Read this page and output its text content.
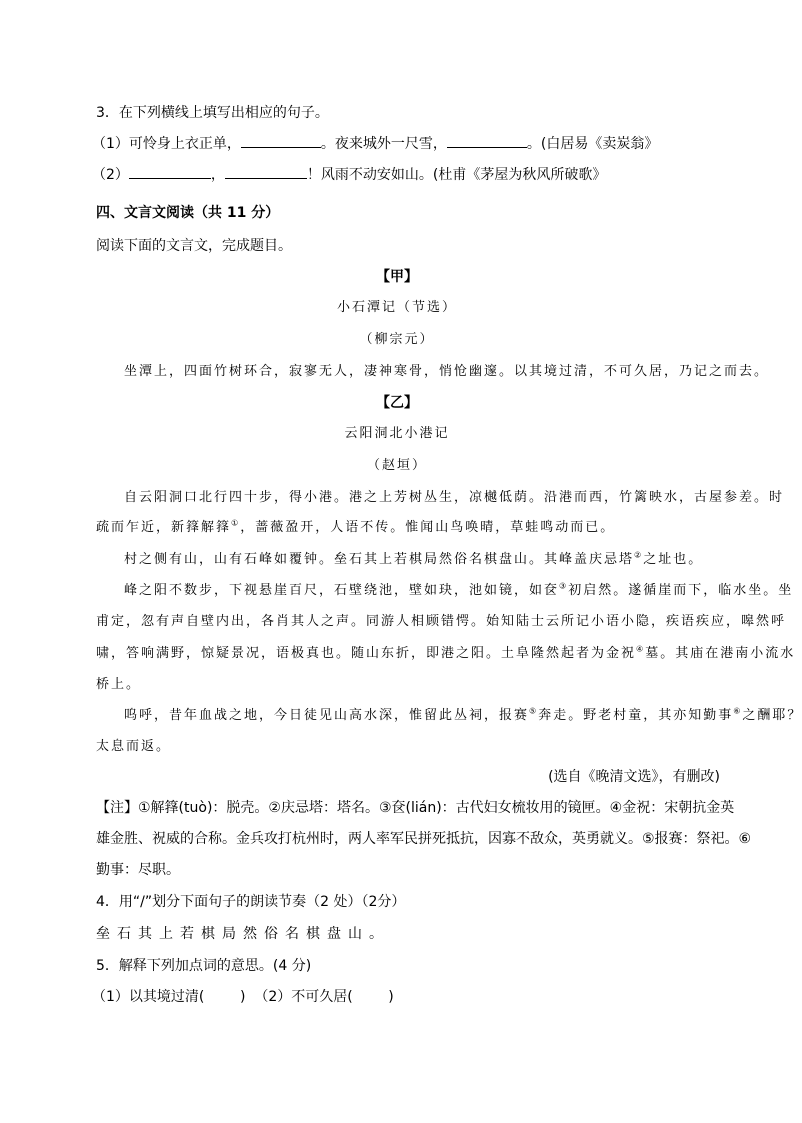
3．在下列横线上填写出相应的句子。
（1）可怜身上衣正单，	。夜来城外一尺雪，	。(白居易《卖炭翁》
（2）	，	！风雨不动安如山。(杜甫《茅屋为秋风所破歌》
四、文言文阅读（共 11 分）
阅读下面的文言文，完成题目。
【甲】
小石潭记（节选）
（柳宗元）
坐潭上，四面竹树环合，寂寥无人，凄神寒骨，悄怆幽邃。以其境过清，不可久居，乃记之而去。
【乙】
云阳洞北小港记
（赵垣）
自云阳洞口北行四十步，得小港。港之上芳树丛生，凉樾低荫。沿港而西，竹篱映水，古屋参差。时
疏而乍近，新箨解箨①，蔷薇盈开，人语不传。惟闻山鸟唤晴，草蛙鸣动而已。
村之侧有山，山有石峰如覆钟。垒石其上若棋局然俗名棋盘山。其峰盖庆忌塔②之址也。
峰之阳不数步，下视悬崖百尺，石壁绕池，壁如玦，池如镜，如奁③初启然。遂循崖而下，临水坐。坐
甫定，忽有声自壁内出，各肖其人之声。同游人相顾错愕。始知陆士云所记小语小隐，疾语疾应，嗥然呼
啸，答响满野，惊疑景况，语极真也。随山东折，即港之阳。土阜隆然起者为金祝④墓。其庙在港南小流水
桥上。
呜呼，昔年血战之地，今日徒见山高水深，惟留此丛祠，报赛⑤奔走。野老村童，其亦知勤事⑥之酬耶？
太息而返。
(选自《晚清文选》，有删改)
【注】①解箨(tuò)：脱壳。②庆忌塔：塔名。③奁(lián)：古代妇女梳妆用的镜匣。④金祝：宋朝抗金英
雄金胜、祝威的合称。金兵攻打杭州时，两人率军民拼死抵抗，因寡不敌众，英勇就义。⑤报赛：祭祀。⑥
勤事：尽职。
4．用“/”划分下面句子的朗读节奏（2 处）（2分）
垒石其上若棋局然俗名棋盘山。
5．解释下列加点词的意思。(4 分)
（1）以其境过清(        )  （2）不可久居(        )
